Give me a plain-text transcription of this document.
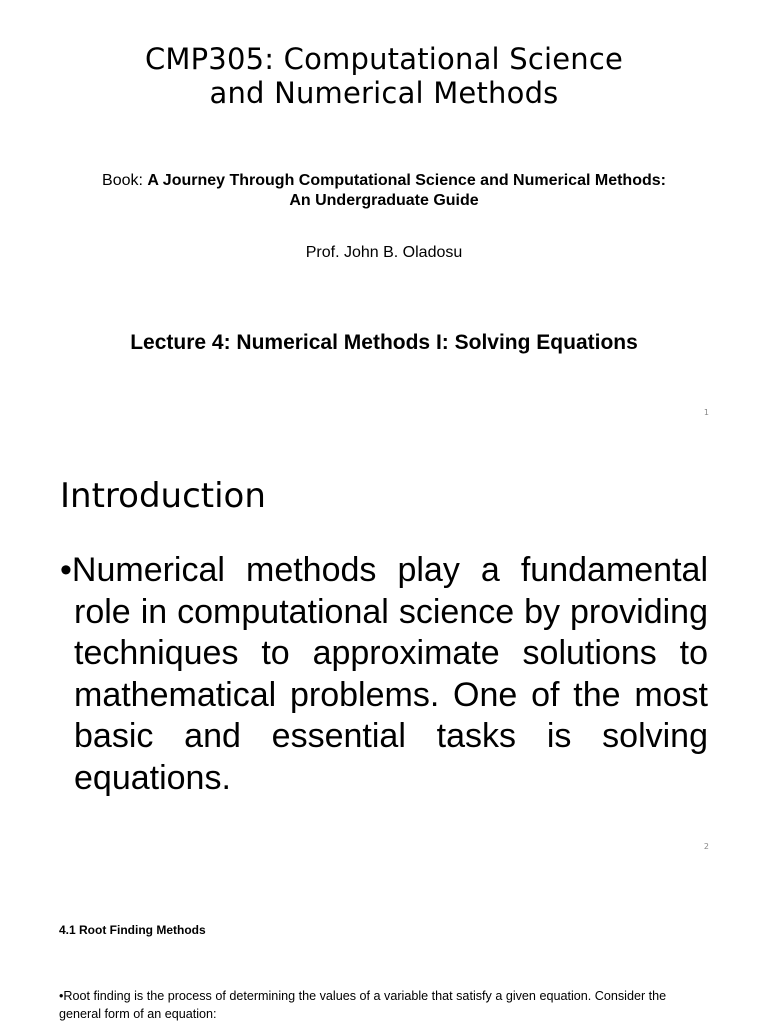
CMP305: Computational Science
and Numerical Methods
Book: A Journey Through Computational Science and Numerical Methods: An Undergraduate Guide
Prof. John B. Oladosu
Lecture 4: Numerical Methods I: Solving Equations
1
Introduction
•Numerical methods play a fundamental role in computational science by providing techniques to approximate solutions to mathematical problems. One of the most basic and essential tasks is solving equations.
2
4.1 Root Finding Methods
•Root finding is the process of determining the values of a variable that satisfy a given equation. Consider the general form of an equation:
